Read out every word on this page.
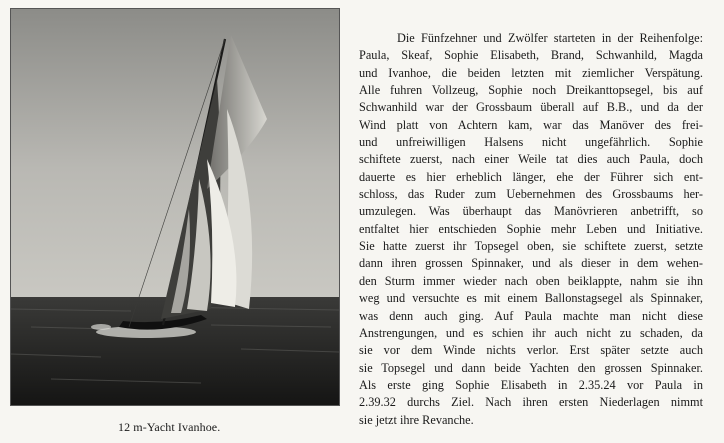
12 m-Yacht Ivanhoe.
Die Fünfzehner und Zwölfer starteten in der Reihenfolge:
Paula, Skeaf, Sophie Elisabeth, Brand, Schwanhild, Magda
und Ivanhoe, die beiden letzten mit ziemlicher Verspätung.
Alle fuhren Vollzeug, Sophie noch Dreikanttopsegel, bis auf
Schwanhild war der Grossbaum überall auf B.B., und da der
Wind platt von Achtern kam, war das Manöver des frei-
und unfreiwilligen Halsens nicht ungefährlich. Sophie
schiftete zuerst, nach einer Weile tat dies auch Paula, doch
dauerte es hier erheblich länger, ehe der Führer sich ent-
schloss, das Ruder zum Uebernehmen des Grossbaums her-
umzulegen. Was überhaupt das Manövrieren anbetrifft, so
entfaltet hier entschieden Sophie mehr Leben und Initiative.
Sie hatte zuerst ihr Topsegel oben, sie schiftete zuerst, setzte
dann ihren grossen Spinnaker, und als dieser in dem wehen-
den Sturm immer wieder nach oben beiklappte, nahm sie ihn
weg und versuchte es mit einem Ballonstagsegel als Spinnaker,
was denn auch ging. Auf Paula machte man nicht diese
Anstrengungen, und es schien ihr auch nicht zu schaden, da
sie vor dem Winde nichts verlor. Erst später setzte auch
sie Topsegel und dann beide Yachten den grossen Spinnaker.
Als erste ging Sophie Elisabeth in 2.35.24 vor Paula in
2.39.32 durchs Ziel. Nach ihren ersten Niederlagen nimmt
sie jetzt ihre Revanche.
